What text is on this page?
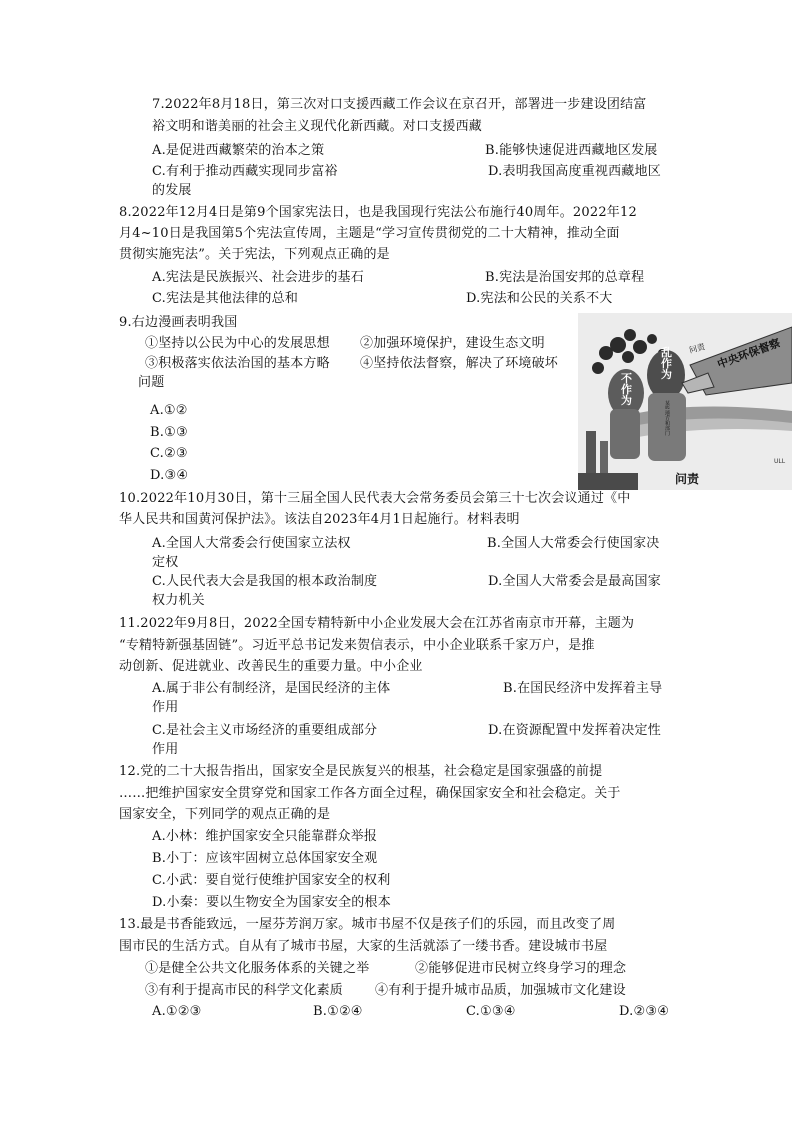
7.2022年8月18日，第三次对口支援西藏工作会议在京召开，部署进一步建设团结富
裕文明和谐美丽的社会主义现代化新西藏。对口支援西藏
A.是促进西藏繁荣的治本之策	B.能够快速促进西藏地区发展
C.有利于推动西藏实现同步富裕	D.表明我国高度重视西藏地区
的发展
8.2022年12月4日是第9个国家宪法日，也是我国现行宪法公布施行40周年。2022年12
月4~10日是我国第5个宪法宣传周，主题是“学习宣传贯彻党的二十大精神，推动全面
贯彻实施宪法”。关于宪法，下列观点正确的是
A.宪法是民族振兴、社会进步的基石	B.宪法是治国安邦的总章程
C.宪法是其他法律的总和	D.宪法和公民的关系不大
9.右边漫画表明我国
①坚持以公民为中心的发展思想 ②加强环境保护，建设生态文明
③积极落实依法治国的基本方略 ④坚持依法督察，解决了环境破坏
问题
A.①②
B.①③
C.②③
D.③④
不作为
乱作为
某些地方和部门
中央环保督察
问责
ULL
问责
10.2022年10月30日，第十三届全国人民代表大会常务委员会第三十七次会议通过《中
华人民共和国黄河保护法》。该法自2023年4月1日起施行。材料表明
A.全国人大常委会行使国家立法权	B.全国人大常委会行使国家决
定权
C.人民代表大会是我国的根本政治制度	D.全国人大常委会是最高国家
权力机关
11.2022年9月8日，2022全国专精特新中小企业发展大会在江苏省南京市开幕，主题为
“专精特新强基固链”。习近平总书记发来贺信表示，中小企业联系千家万户，是推
动创新、促进就业、改善民生的重要力量。中小企业
A.属于非公有制经济，是国民经济的主体	B.在国民经济中发挥着主导
作用
C.是社会主义市场经济的重要组成部分	D.在资源配置中发挥着决定性
作用
12.党的二十大报告指出，国家安全是民族复兴的根基，社会稳定是国家强盛的前提
……把维护国家安全贯穿党和国家工作各方面全过程，确保国家安全和社会稳定。关于
国家安全，下列同学的观点正确的是
A.小林：维护国家安全只能靠群众举报
B.小丁：应该牢固树立总体国家安全观
C.小武：要自觉行使维护国家安全的权利
D.小秦：要以生物安全为国家安全的根本
13.最是书香能致远，一屋芬芳润万家。城市书屋不仅是孩子们的乐园，而且改变了周
围市民的生活方式。自从有了城市书屋，大家的生活就添了一缕书香。建设城市书屋
①是健全公共文化服务体系的关键之举	②能够促进市民树立终身学习的理念
③有利于提高市民的科学文化素质 ④有利于提升城市品质，加强城市文化建设
A.①②③	B.①②④	C.①③④	D.②③④
